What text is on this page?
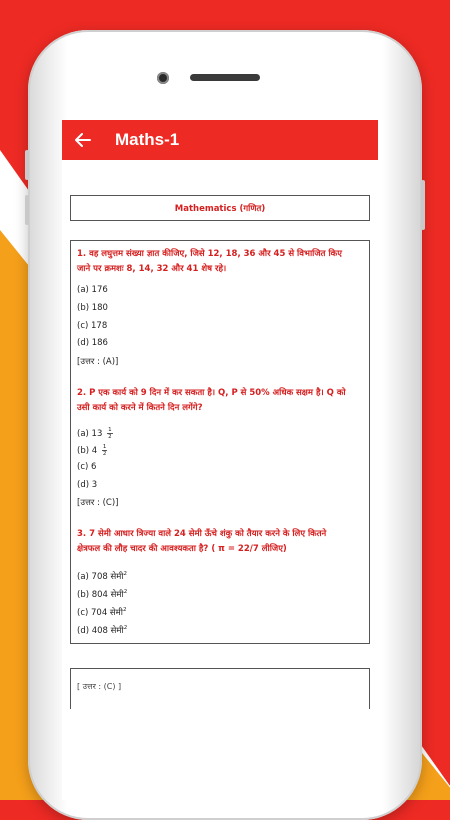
Maths-1
Mathematics (गणित)
1. वह लघुत्तम संख्या ज्ञात कीजिए, जिसे 12, 18, 36 और 45 से विभाजित किए
जाने पर क्रमशः 8, 14, 32 और 41 शेष रहे।
(a) 176
(b) 180
(c) 178
(d) 186
[उत्तर : (A)]
2. P एक कार्य को 9 दिन में कर सकता है। Q, P से 50% अधिक सक्षम है। Q को
उसी कार्य को करने में कितने दिन लगेंगे?
(a) $13 \frac{1}{2}$
(b) $4 \frac{1}{2}$
(c) 6
(d) 3
[उत्तर : (C)]
3. 7 सेमी आधार त्रिज्या वाले 24 सेमी ऊँचे शंकु को तैयार करने के लिए कितने
क्षेत्रफल की लौह चादर की आवश्यकता है? ( π = 22/7 लीजिए)
(a) 708 सेमी$^2$
(b) 804 सेमी$^2$
(c) 704 सेमी$^2$
(d) 408 सेमी$^2$
[ उत्तर : (C) ]
